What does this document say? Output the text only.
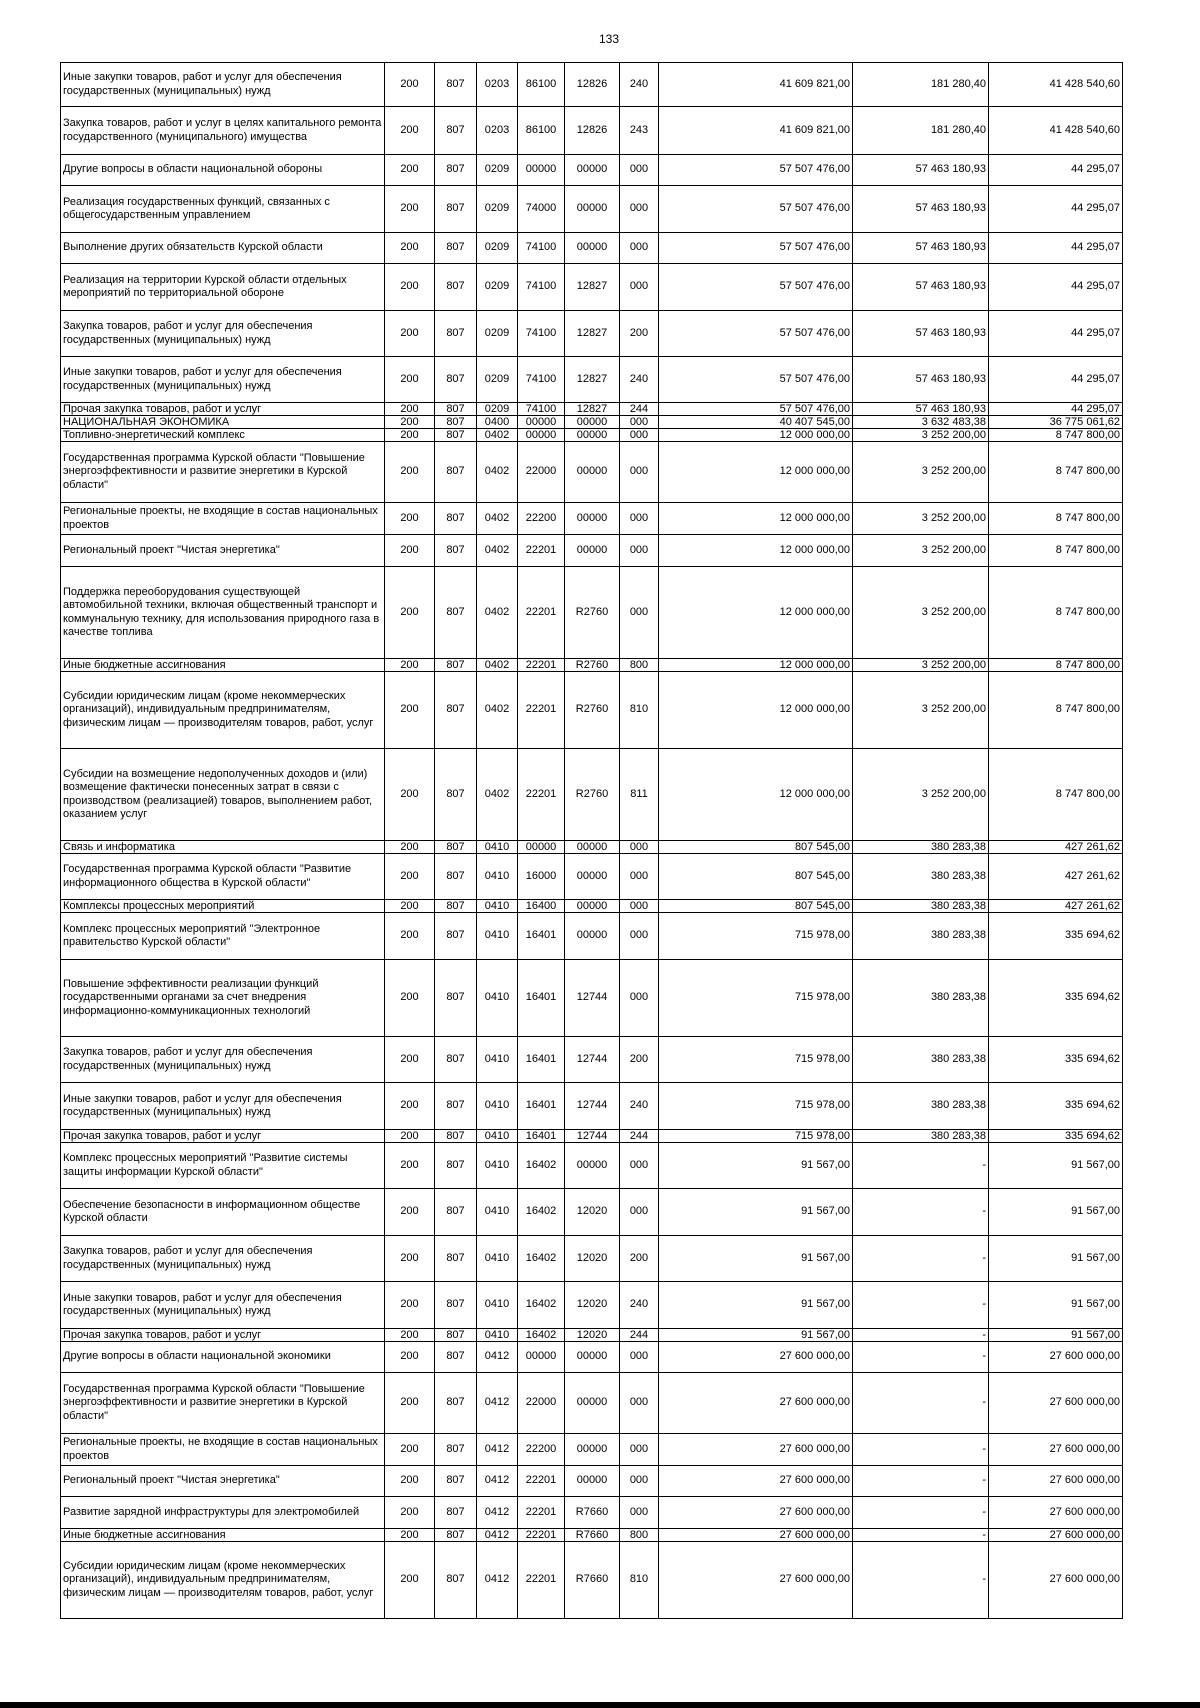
133
Иные закупки товаров, работ и услуг для обеспечения государственных (муниципальных) нужд	200	807	0203	86100	12826	240	41 609 821,00	181 280,40	41 428 540,60
Закупка товаров, работ и услуг в целях капитального ремонта государственного (муниципального) имущества	200	807	0203	86100	12826	243	41 609 821,00	181 280,40	41 428 540,60
Другие вопросы в области национальной обороны	200	807	0209	00000	00000	000	57 507 476,00	57 463 180,93	44 295,07
Реализация государственных функций, связанных с общегосударственным управлением	200	807	0209	74000	00000	000	57 507 476,00	57 463 180,93	44 295,07
Выполнение других обязательств Курской области	200	807	0209	74100	00000	000	57 507 476,00	57 463 180,93	44 295,07
Реализация на территории Курской области отдельных мероприятий по территориальной обороне	200	807	0209	74100	12827	000	57 507 476,00	57 463 180,93	44 295,07
Закупка товаров, работ и услуг для обеспечения государственных (муниципальных) нужд	200	807	0209	74100	12827	200	57 507 476,00	57 463 180,93	44 295,07
Иные закупки товаров, работ и услуг для обеспечения государственных (муниципальных) нужд	200	807	0209	74100	12827	240	57 507 476,00	57 463 180,93	44 295,07
Прочая закупка товаров, работ и услуг	200	807	0209	74100	12827	244	57 507 476,00	57 463 180,93	44 295,07
НАЦИОНАЛЬНАЯ ЭКОНОМИКА	200	807	0400	00000	00000	000	40 407 545,00	3 632 483,38	36 775 061,62
Топливно-энергетический комплекс	200	807	0402	00000	00000	000	12 000 000,00	3 252 200,00	8 747 800,00
Государственная программа Курской области "Повышение энергоэффективности и развитие энергетики в Курской области"	200	807	0402	22000	00000	000	12 000 000,00	3 252 200,00	8 747 800,00
Региональные проекты, не входящие в состав национальных проектов	200	807	0402	22200	00000	000	12 000 000,00	3 252 200,00	8 747 800,00
Региональный проект "Чистая энергетика"	200	807	0402	22201	00000	000	12 000 000,00	3 252 200,00	8 747 800,00
Поддержка переоборудования существующей автомобильной техники, включая общественный транспорт и коммунальную технику, для использования природного газа в качестве топлива	200	807	0402	22201	R2760	000	12 000 000,00	3 252 200,00	8 747 800,00
Иные бюджетные ассигнования	200	807	0402	22201	R2760	800	12 000 000,00	3 252 200,00	8 747 800,00
Субсидии юридическим лицам (кроме некоммерческих организаций), индивидуальным предпринимателям, физическим лицам — производителям товаров, работ, услуг	200	807	0402	22201	R2760	810	12 000 000,00	3 252 200,00	8 747 800,00
Субсидии на возмещение недополученных доходов и (или) возмещение фактически понесенных затрат в связи с производством (реализацией) товаров, выполнением работ, оказанием услуг	200	807	0402	22201	R2760	811	12 000 000,00	3 252 200,00	8 747 800,00
Связь и информатика	200	807	0410	00000	00000	000	807 545,00	380 283,38	427 261,62
Государственная программа Курской области "Развитие информационного общества в Курской области"	200	807	0410	16000	00000	000	807 545,00	380 283,38	427 261,62
Комплексы процессных мероприятий	200	807	0410	16400	00000	000	807 545,00	380 283,38	427 261,62
Комплекс процессных мероприятий "Электронное правительство Курской области"	200	807	0410	16401	00000	000	715 978,00	380 283,38	335 694,62
Повышение эффективности реализации функций государственными органами за счет внедрения информационно-коммуникационных технологий	200	807	0410	16401	12744	000	715 978,00	380 283,38	335 694,62
Закупка товаров, работ и услуг для обеспечения государственных (муниципальных) нужд	200	807	0410	16401	12744	200	715 978,00	380 283,38	335 694,62
Иные закупки товаров, работ и услуг для обеспечения государственных (муниципальных) нужд	200	807	0410	16401	12744	240	715 978,00	380 283,38	335 694,62
Прочая закупка товаров, работ и услуг	200	807	0410	16401	12744	244	715 978,00	380 283,38	335 694,62
Комплекс процессных мероприятий "Развитие системы защиты информации Курской области"	200	807	0410	16402	00000	000	91 567,00	-	91 567,00
Обеспечение безопасности в информационном обществе Курской области	200	807	0410	16402	12020	000	91 567,00	-	91 567,00
Закупка товаров, работ и услуг для обеспечения государственных (муниципальных) нужд	200	807	0410	16402	12020	200	91 567,00	-	91 567,00
Иные закупки товаров, работ и услуг для обеспечения государственных (муниципальных) нужд	200	807	0410	16402	12020	240	91 567,00	-	91 567,00
Прочая закупка товаров, работ и услуг	200	807	0410	16402	12020	244	91 567,00	-	91 567,00
Другие вопросы в области национальной экономики	200	807	0412	00000	00000	000	27 600 000,00	-	27 600 000,00
Государственная программа Курской области "Повышение энергоэффективности и развитие энергетики в Курской области"	200	807	0412	22000	00000	000	27 600 000,00	-	27 600 000,00
Региональные проекты, не входящие в состав национальных проектов	200	807	0412	22200	00000	000	27 600 000,00	-	27 600 000,00
Региональный проект "Чистая энергетика"	200	807	0412	22201	00000	000	27 600 000,00	-	27 600 000,00
Развитие зарядной инфраструктуры для электромобилей	200	807	0412	22201	R7660	000	27 600 000,00	-	27 600 000,00
Иные бюджетные ассигнования	200	807	0412	22201	R7660	800	27 600 000,00	-	27 600 000,00
Субсидии юридическим лицам (кроме некоммерческих организаций), индивидуальным предпринимателям, физическим лицам — производителям товаров, работ, услуг	200	807	0412	22201	R7660	810	27 600 000,00	-	27 600 000,00
